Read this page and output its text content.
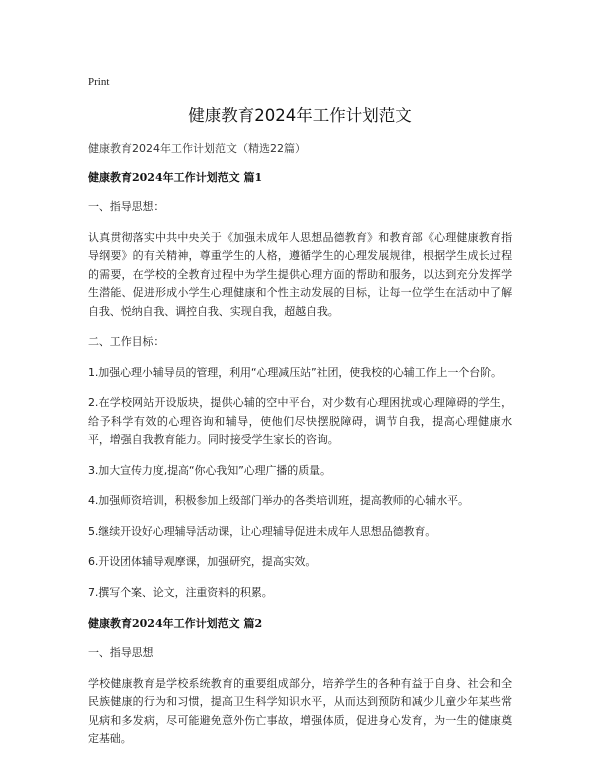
Print
健康教育2024年工作计划范文

健康教育2024年工作计划范文（精选22篇）

健康教育2024年工作计划范文 篇1

一、指导思想：

认真贯彻落实中共中央关于《加强未成年人思想品德教育》和教育部《心理健康教育指导纲要》的有关精神，尊重学生的人格，遵循学生的心理发展规律，根据学生成长过程的需要，在学校的全教育过程中为学生提供心理方面的帮助和服务，以达到充分发挥学生潜能、促进形成小学生心理健康和个性主动发展的目标，让每一位学生在活动中了解自我、悦纳自我、调控自我、实现自我，超越自我。

二、工作目标：

1.加强心理小辅导员的管理，利用“心理减压站”社团，使我校的心辅工作上一个台阶。

2.在学校网站开设版块，提供心辅的空中平台，对少数有心理困扰或心理障碍的学生，给予科学有效的心理咨询和辅导，使他们尽快摆脱障碍，调节自我，提高心理健康水平，增强自我教育能力。同时接受学生家长的咨询。

3.加大宣传力度,提高“你心我知”心理广播的质量。

4.加强师资培训，积极参加上级部门举办的各类培训班，提高教师的心辅水平。

5.继续开设好心理辅导活动课，让心理辅导促进未成年人思想品德教育。

6.开设团体辅导观摩课，加强研究，提高实效。

7.撰写个案、论文，注重资料的积累。

健康教育2024年工作计划范文 篇2

一、指导思想

学校健康教育是学校系统教育的重要组成部分，培养学生的各种有益于自身、社会和全民族健康的行为和习惯，提高卫生科学知识水平，从而达到预防和减少儿童少年某些常见病和多发病，尽可能避免意外伤亡事故，增强体质，促进身心发育，为一生的健康奠定基础。
